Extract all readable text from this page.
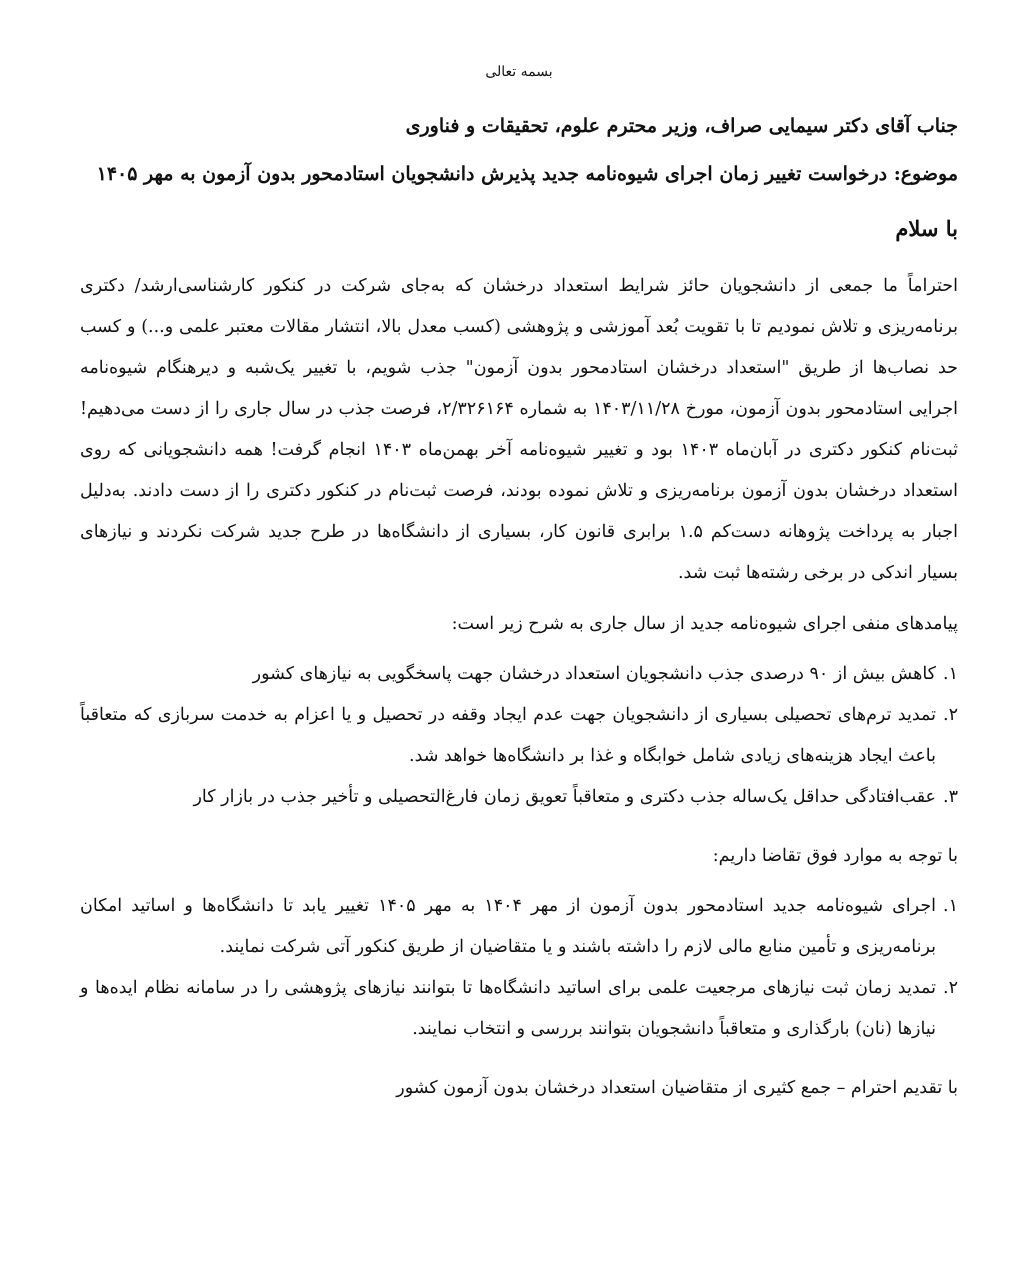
بسمه تعالی
جناب آقای دکتر سیمایی صراف، وزیر محترم علوم، تحقیقات و فناوری
موضوع: درخواست تغییر زمان اجرای شیوه‌نامه جدید پذیرش دانشجویان استادمحور بدون آزمون به مهر ۱۴۰۵
با سلام

احتراماً ما جمعی از دانشجویان حائز شرایط استعداد درخشان که به‌جای شرکت در کنکور کارشناسی‌ارشد/ دکتری برنامه‌ریزی و تلاش نمودیم تا با تقویت بُعد آموزشی و پژوهشی (کسب معدل بالا، انتشار مقالات معتبر علمی و...) و کسب حد نصاب‌ها از طریق "استعداد درخشان استادمحور بدون آزمون" جذب شویم، با تغییر یک‌شبه و دیرهنگام شیوه‌نامه اجرایی استادمحور بدون آزمون، مورخ ۱۴۰۳/۱۱/۲۸ به شماره ۲/۳۲۶۱۶۴، فرصت جذب در سال جاری را از دست می‌دهیم! ثبت‌نام کنکور دکتری در آبان‌ماه ۱۴۰۳ بود و تغییر شیوه‌نامه آخر بهمن‌ماه ۱۴۰۳ انجام گرفت! همه دانشجویانی که روی استعداد درخشان بدون آزمون برنامه‌ریزی و تلاش نموده بودند، فرصت ثبت‌نام در کنکور دکتری را از دست دادند. به‌دلیل اجبار به پرداخت پژوهانه دست‌کم ۱.۵ برابری قانون کار، بسیاری از دانشگاه‌ها در طرح جدید شرکت نکردند و نیازهای بسیار اندکی در برخی رشته‌ها ثبت شد.

پیامدهای منفی اجرای شیوه‌نامه جدید از سال جاری به شرح زیر است:
۱.
کاهش بیش از ۹۰ درصدی جذب دانشجویان استعداد درخشان جهت پاسخگویی به نیازهای کشور
۲.
تمدید ترم‌های تحصیلی بسیاری از دانشجویان جهت عدم ایجاد وقفه در تحصیل و یا اعزام به خدمت سربازی که متعاقباً باعث ایجاد هزینه‌های زیادی شامل خوابگاه و غذا بر دانشگاه‌ها خواهد شد.
۳.
عقب‌افتادگی حداقل یک‌ساله جذب دکتری و متعاقباً تعویق زمان فارغ‌التحصیلی و تأخیر جذب در بازار کار
با توجه به موارد فوق تقاضا داریم:
۱.
اجرای شیوه‌نامه جدید استادمحور بدون آزمون از مهر ۱۴۰۴ به مهر ۱۴۰۵ تغییر یابد تا دانشگاه‌ها و اساتید امکان برنامه‌ریزی و تأمین منابع مالی لازم را داشته باشند و یا متقاضیان از طریق کنکور آتی شرکت نمایند.
۲.
تمدید زمان ثبت نیازهای مرجعیت علمی برای اساتید دانشگاه‌ها تا بتوانند نیازهای پژوهشی را در سامانه نظام ایده‌ها و نیازها (نان) بارگذاری و متعاقباً دانشجویان بتوانند بررسی و انتخاب نمایند.
با تقدیم احترام – جمع کثیری از متقاضیان استعداد درخشان بدون آزمون کشور
